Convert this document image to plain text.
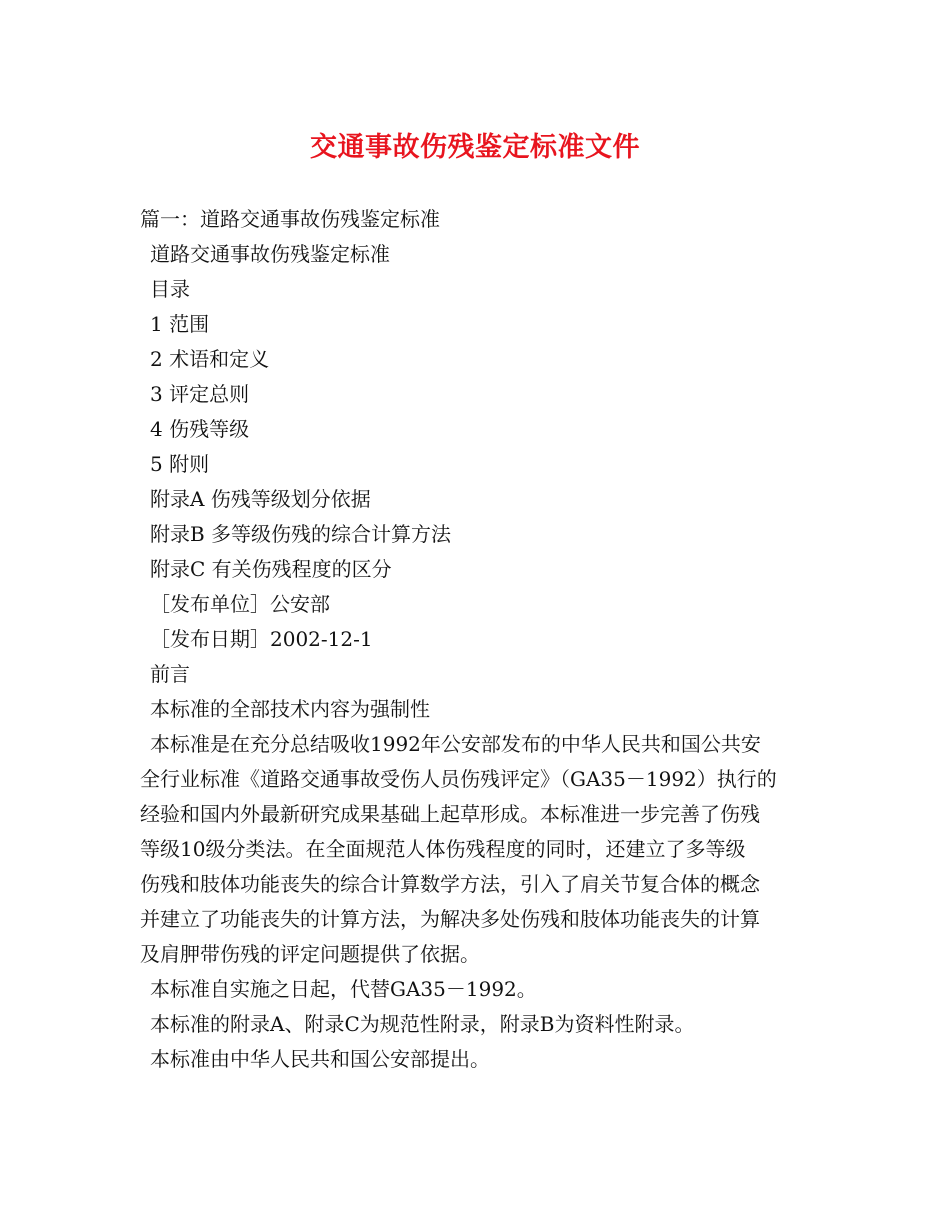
交通事故伤残鉴定标准文件
篇一：道路交通事故伤残鉴定标准
道路交通事故伤残鉴定标准
目录
1 范围
2 术语和定义
3 评定总则
4 伤残等级
5 附则
附录A 伤残等级划分依据
附录B 多等级伤残的综合计算方法
附录C 有关伤残程度的区分
［发布单位］公安部
［发布日期］2002-12-1
前言
本标准的全部技术内容为强制性
本标准是在充分总结吸收1992年公安部发布的中华人民共和国公共安
全行业标准《道路交通事故受伤人员伤残评定》（GA35－1992）执行的
经验和国内外最新研究成果基础上起草形成。本标准进一步完善了伤残
等级10级分类法。在全面规范人体伤残程度的同时，还建立了多等级
伤残和肢体功能丧失的综合计算数学方法，引入了肩关节复合体的概念
并建立了功能丧失的计算方法，为解决多处伤残和肢体功能丧失的计算
及肩胛带伤残的评定问题提供了依据。
本标准自实施之日起，代替GA35－1992。
本标准的附录A、附录C为规范性附录，附录B为资料性附录。
本标准由中华人民共和国公安部提出。
